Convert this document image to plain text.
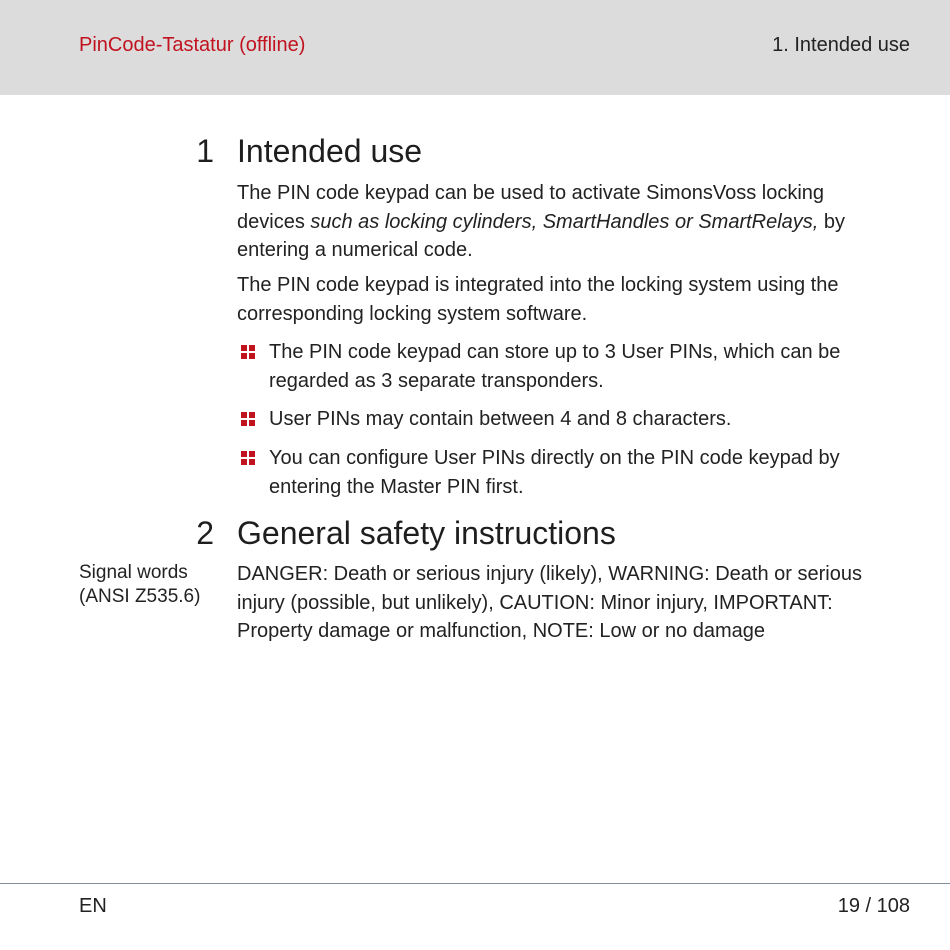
PinCode-Tastatur (offline)	1. Intended use
1 Intended use

The PIN code keypad can be used to activate SimonsVoss locking devices such as locking cylinders, SmartHandles or SmartRelays, by entering a numerical code.

The PIN code keypad is integrated into the locking system using the corresponding locking system software.

The PIN code keypad can store up to 3 User PINs, which can be regarded as 3 separate transponders.
User PINs may contain between 4 and 8 characters.
You can configure User PINs directly on the PIN code keypad by entering the Master PIN first.
2 General safety instructions
Signal words (ANSI Z535.6)

DANGER: Death or serious injury (likely), WARNING: Death or serious injury (possible, but unlikely), CAUTION: Minor injury, IMPORTANT: Property damage or malfunction, NOTE: Low or no damage

EN	19 / 108
